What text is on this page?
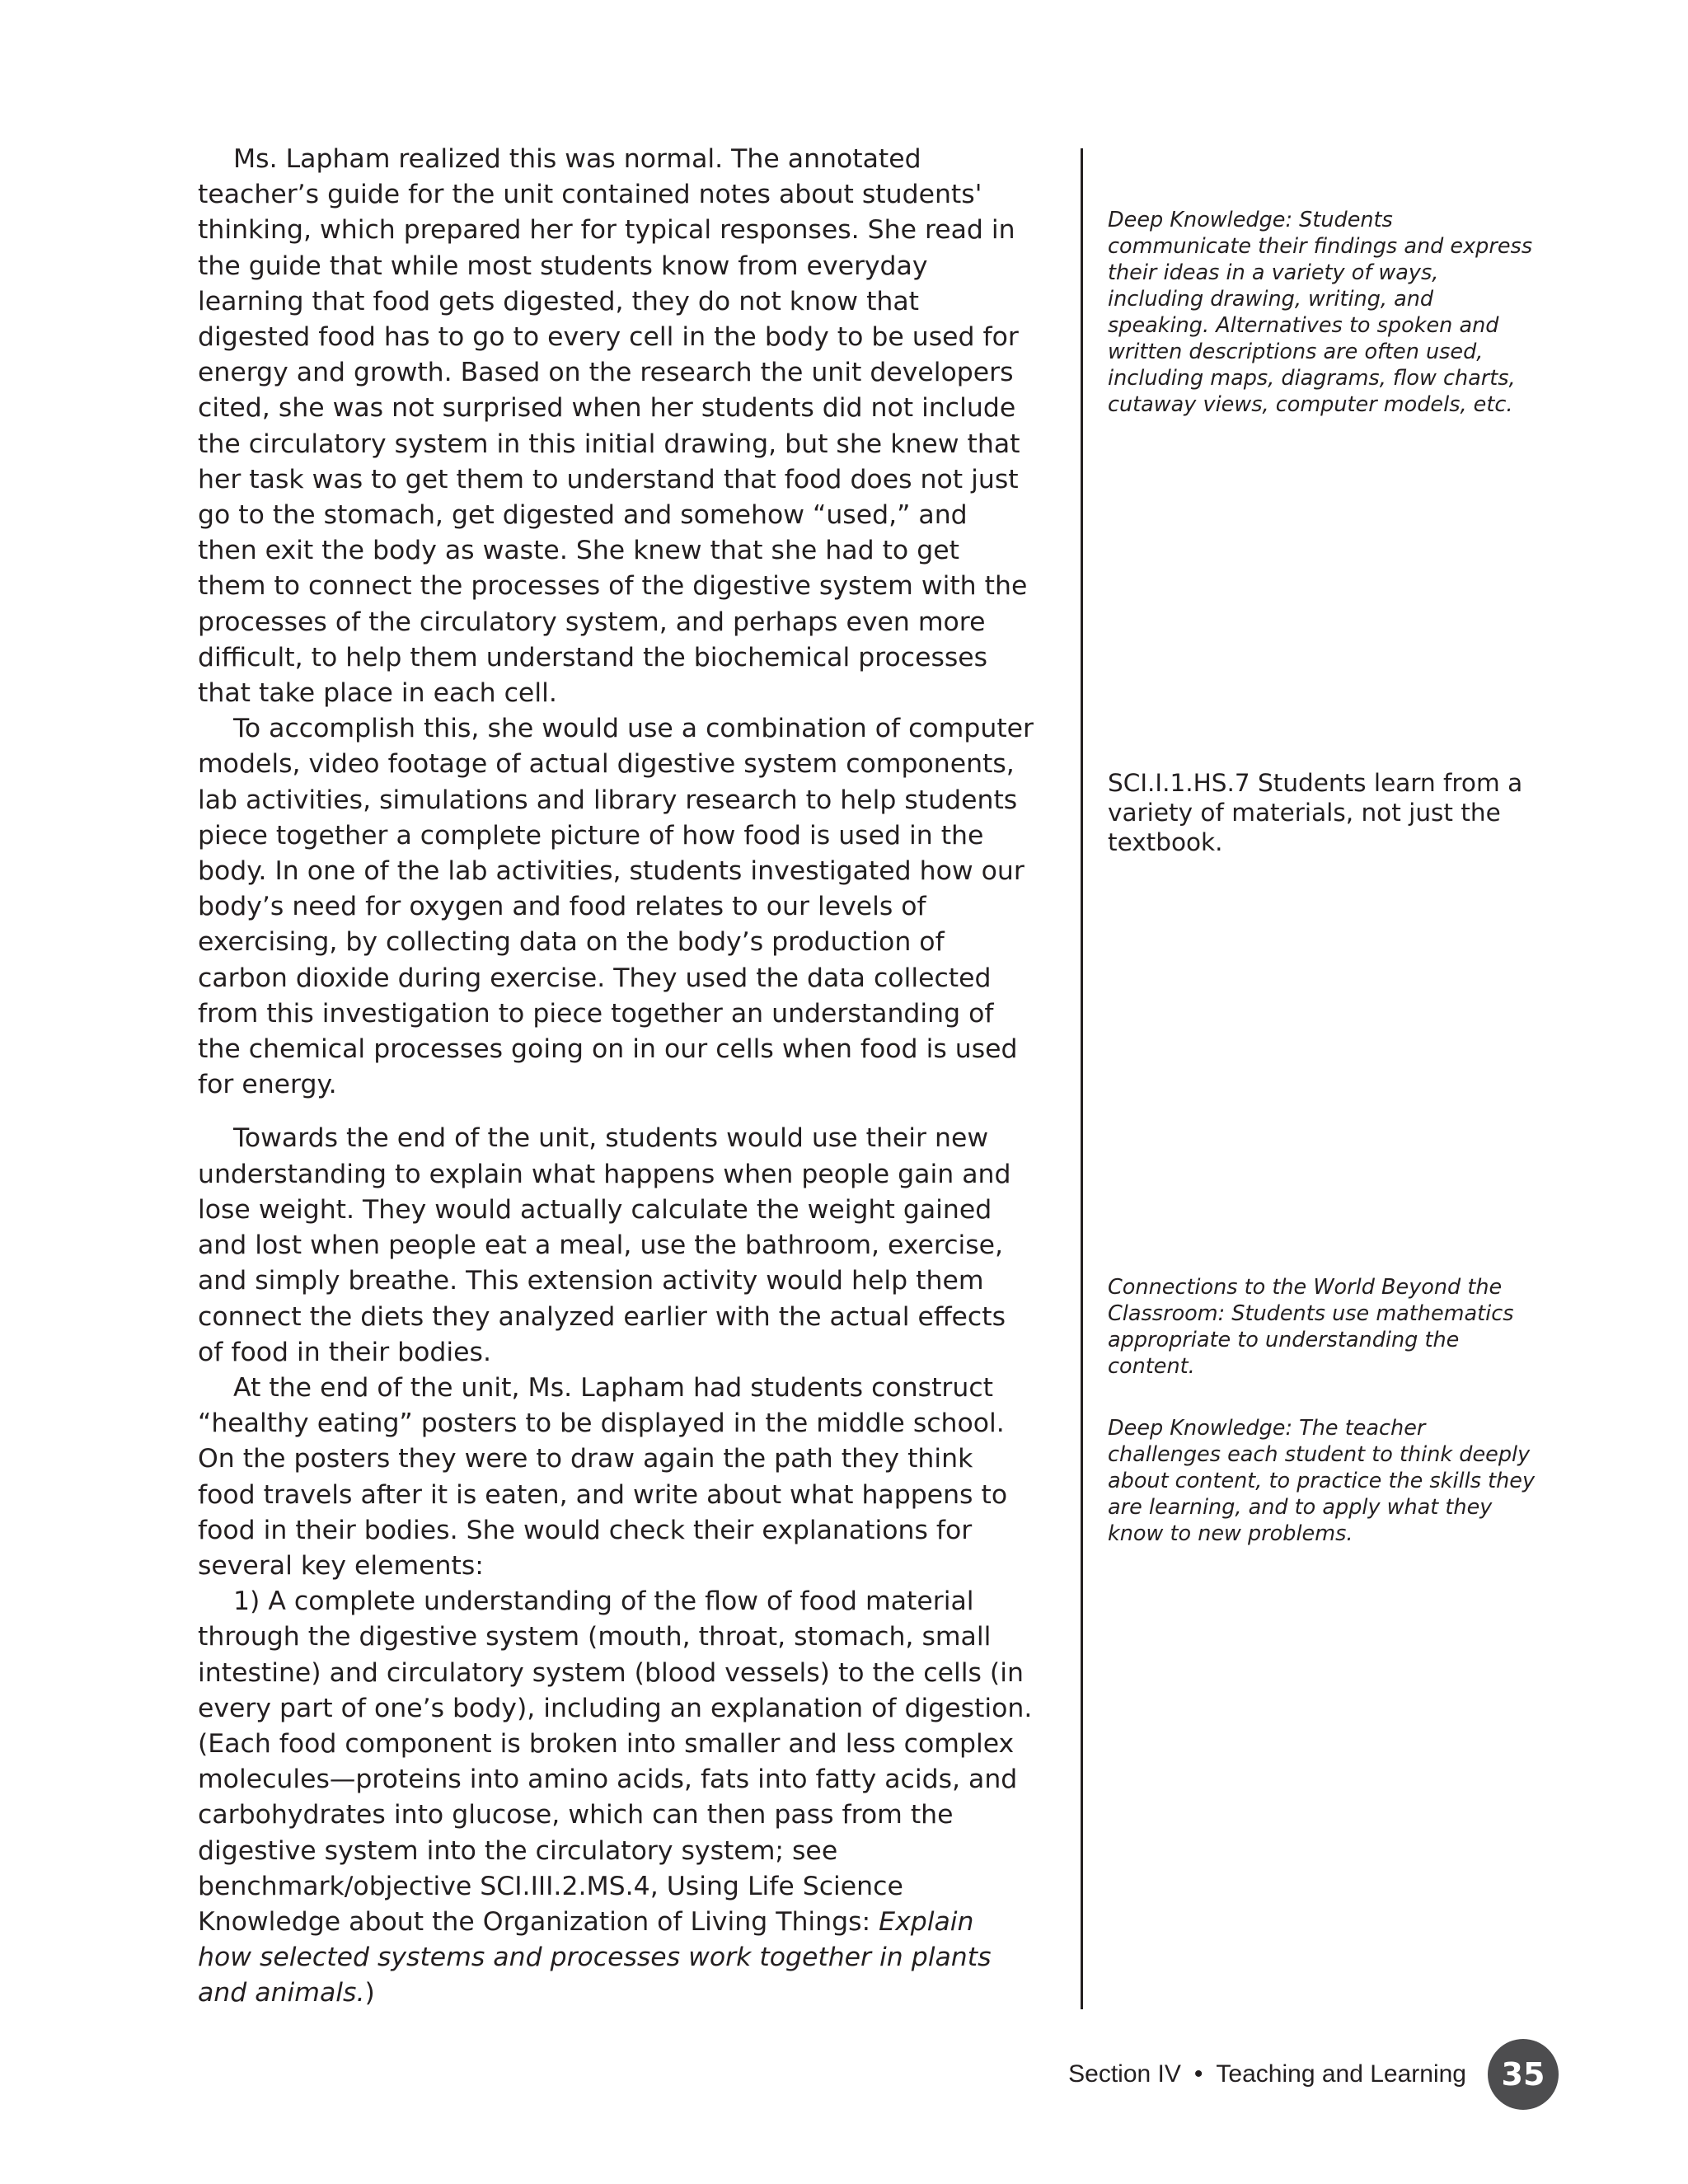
Ms. Lapham realized this was normal. The annotated teacher’s guide for the unit contained notes about students' thinking, which prepared her for typical responses. She read in the guide that while most students know from everyday learning that food gets digested, they do not know that digested food has to go to every cell in the body to be used for energy and growth. Based on the research the unit developers cited, she was not surprised when her students did not include the circulatory system in this initial drawing, but she knew that her task was to get them to understand that food does not just go to the stomach, get digested and somehow “used,” and then exit the body as waste. She knew that she had to get them to connect the processes of the digestive system with the processes of the circulatory system, and perhaps even more difficult, to help them understand the biochemical processes that take place in each cell.

To accomplish this, she would use a combination of computer models, video footage of actual digestive system components, lab activities, simulations and library research to help students piece together a complete picture of how food is used in the body. In one of the lab activities, students investigated how our body’s need for oxygen and food relates to our levels of exercising, by collecting data on the body’s production of carbon dioxide during exercise. They used the data collected from this investigation to piece together an understanding of the chemical processes going on in our cells when food is used for energy.

Towards the end of the unit, students would use their new understanding to explain what happens when people gain and lose weight. They would actually calculate the weight gained and lost when people eat a meal, use the bathroom, exercise, and simply breathe. This extension activity would help them connect the diets they analyzed earlier with the actual effects of food in their bodies.

At the end of the unit, Ms. Lapham had students construct “healthy eating” posters to be displayed in the middle school. On the posters they were to draw again the path they think food travels after it is eaten, and write about what happens to food in their bodies. She would check their explanations for several key elements:

1) A complete understanding of the flow of food material through the digestive system (mouth, throat, stomach, small intestine) and circulatory system (blood vessels) to the cells (in every part of one’s body), including an explanation of digestion. (Each food component is broken into smaller and less complex molecules—proteins into amino acids, fats into fatty acids, and carbohydrates into glucose, which can then pass from the digestive system into the circulatory system; see benchmark/objective SCI.III.2.MS.4, Using Life Science Knowledge about the Organization of Living Things: Explain how selected systems and processes work together in plants and animals.)

Deep Knowledge: Students communicate their findings and express their ideas in a variety of ways, including drawing, writing, and speaking. Alternatives to spoken and written descriptions are often used, including maps, diagrams, flow charts, cutaway views, computer models, etc.

SCI.I.1.HS.7 Students learn from a variety of materials, not just the textbook.

Connections to the World Beyond the Classroom: Students use mathematics appropriate to understanding the content.

Deep Knowledge: The teacher challenges each student to think deeply about content, to practice the skills they are learning, and to apply what they know to new problems.

Section IV • Teaching and Learning 35
